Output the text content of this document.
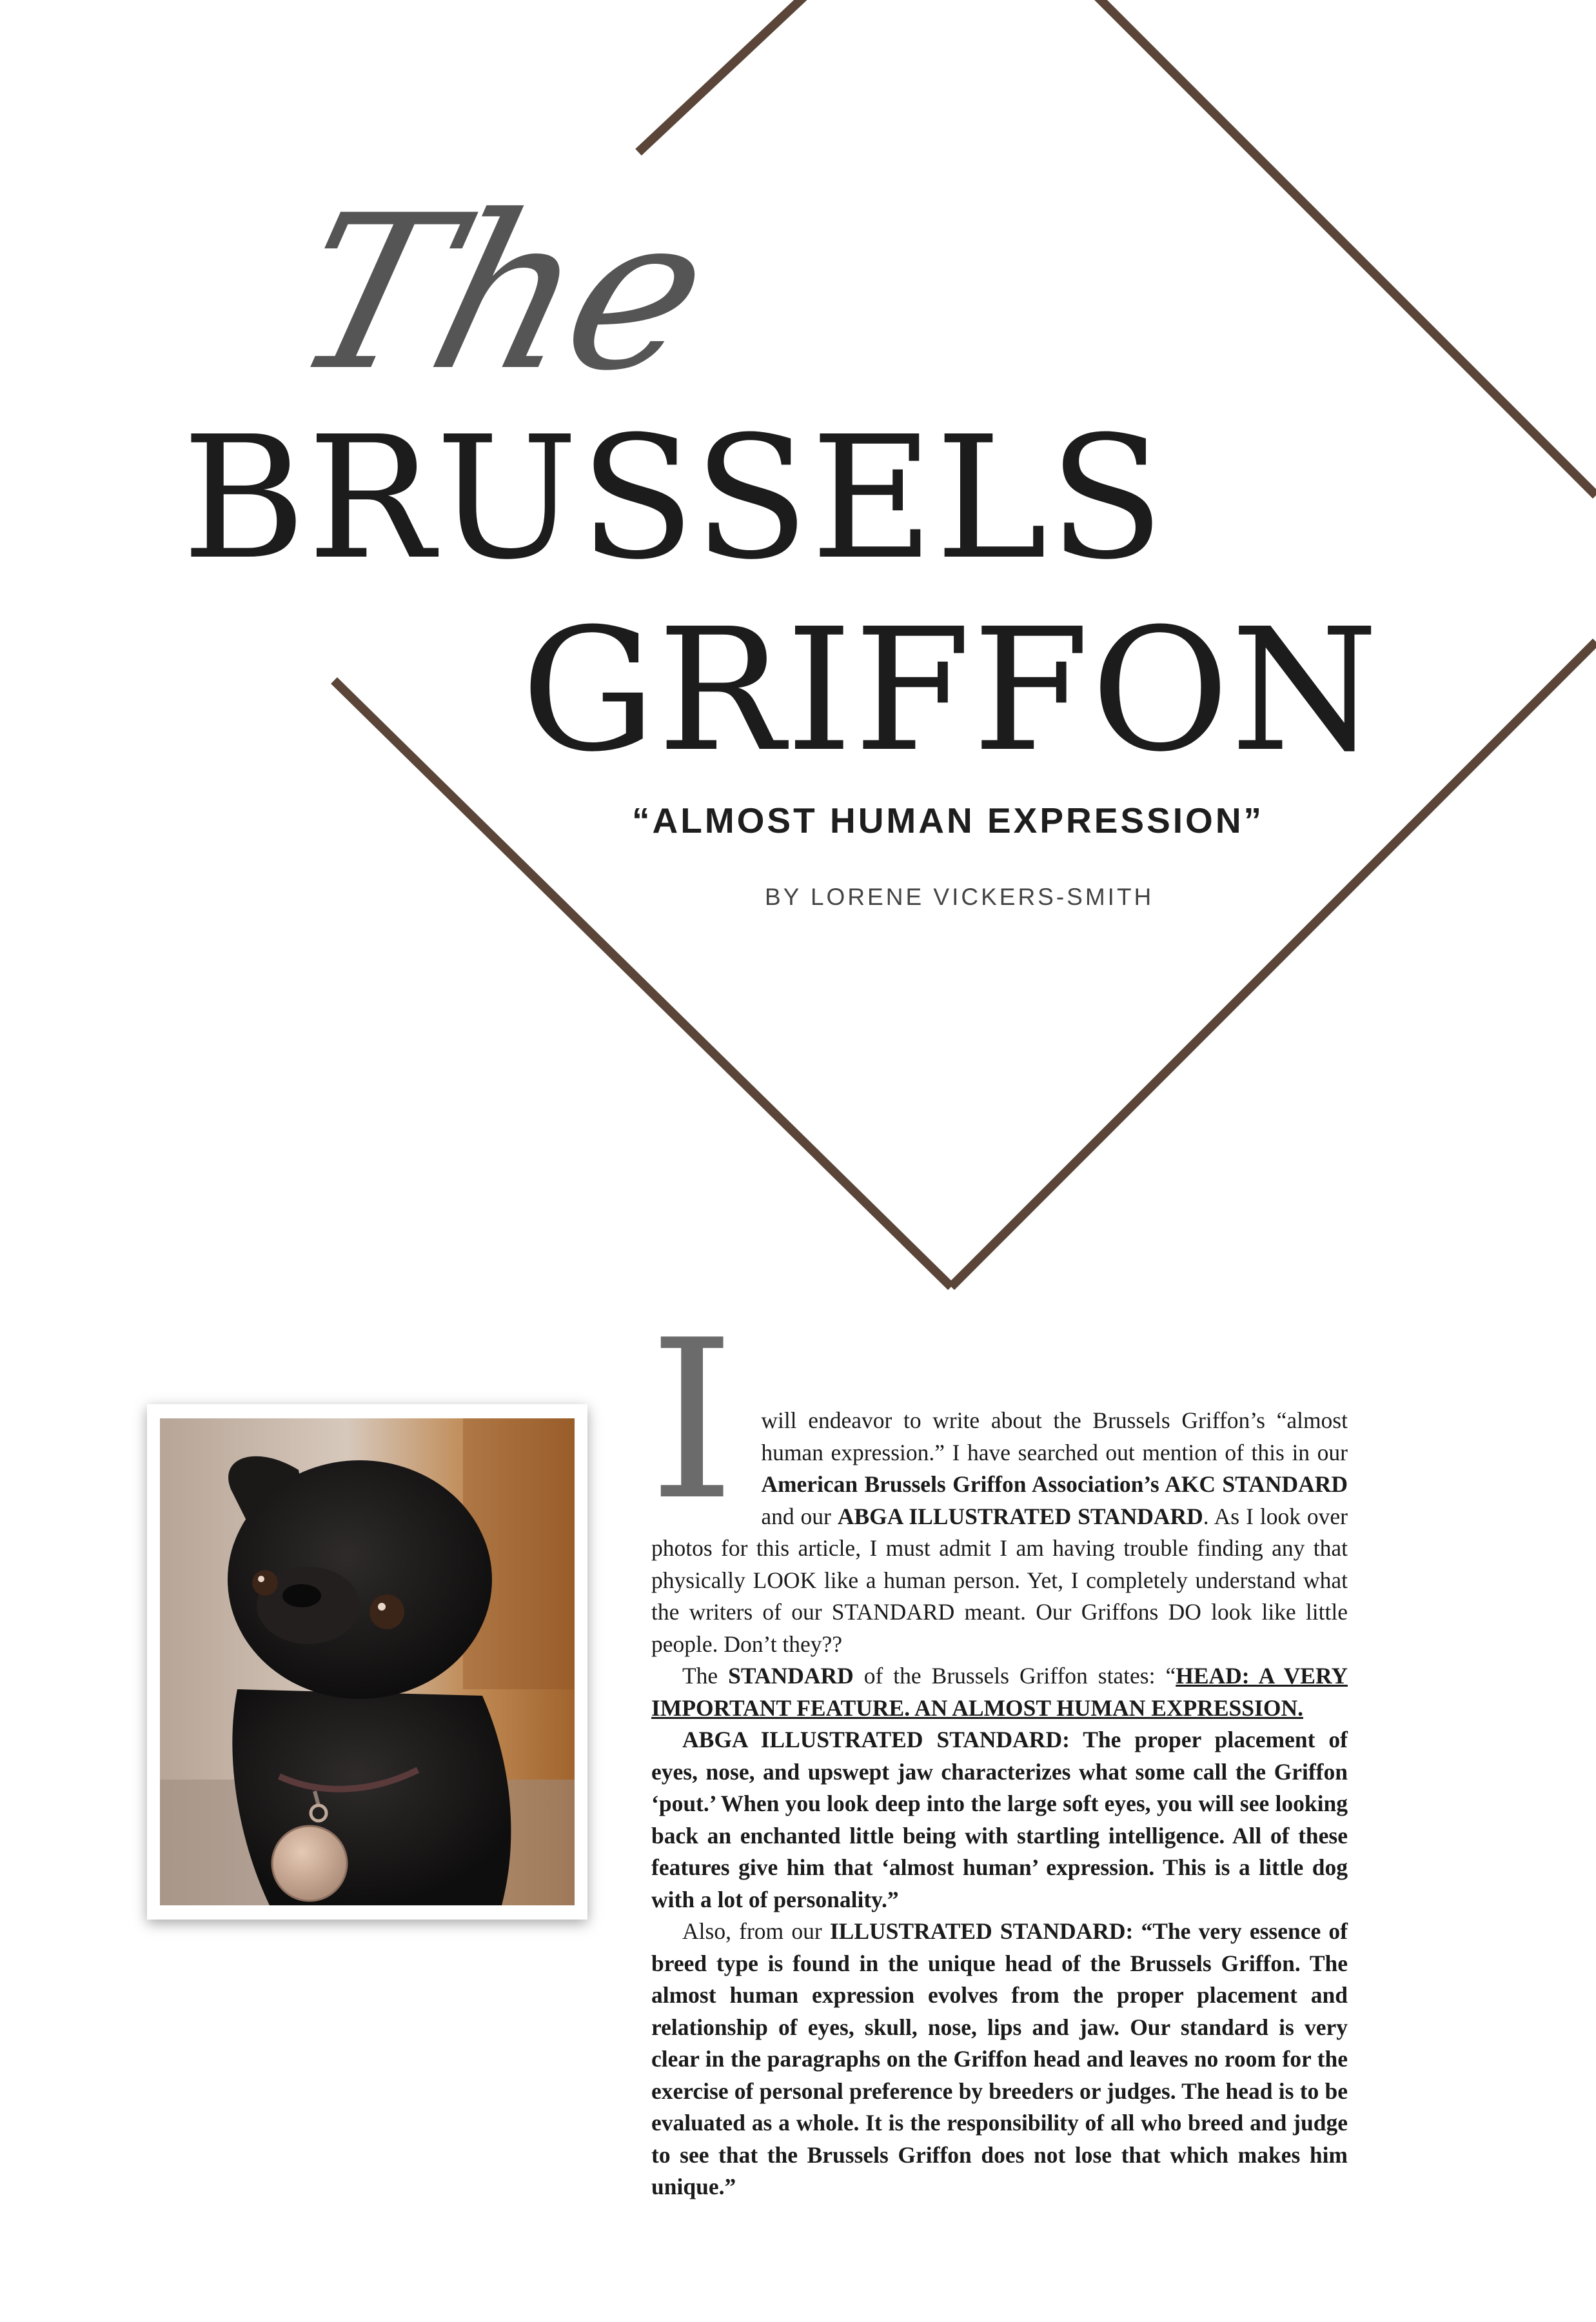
The
BRUSSELS
GRIFFON
“ALMOST HUMAN EXPRESSION”
BY LORENE VICKERS-SMITH
I	will endeavor to write about the Brussels Griffon’s “almost human expression.” I have searched out mention of this in our American Brussels Griffon Association’s AKC STANDARD and our ABGA ILLUSTRATED STANDARD. As I look over photos for this article, I must admit I am having trouble finding any that physically LOOK like a human person. Yet, I completely understand what the writers of our STANDARD meant. Our Griffons DO look like little people. Don’t they??

The STANDARD of the Brussels Griffon states: “HEAD: A VERY IMPORTANT FEATURE. AN ALMOST HUMAN EXPRESSION.

ABGA ILLUSTRATED STANDARD: The proper placement of eyes, nose, and upswept jaw characterizes what some call the Griffon ‘pout.’ When you look deep into the large soft eyes, you will see looking back an enchanted little being with startling intelligence. All of these features give him that ‘almost human’ expression. This is a little dog with a lot of personality.”

Also, from our ILLUSTRATED STANDARD: “The very essence of breed type is found in the unique head of the Brussels Griffon. The almost human expression evolves from the proper placement and relationship of eyes, skull, nose, lips and jaw. Our standard is very clear in the paragraphs on the Griffon head and leaves no room for the exercise of personal preference by breeders or judges. The head is to be evaluated as a whole. It is the responsibility of all who breed and judge to see that the Brussels Griffon does not lose that which makes him unique.”
